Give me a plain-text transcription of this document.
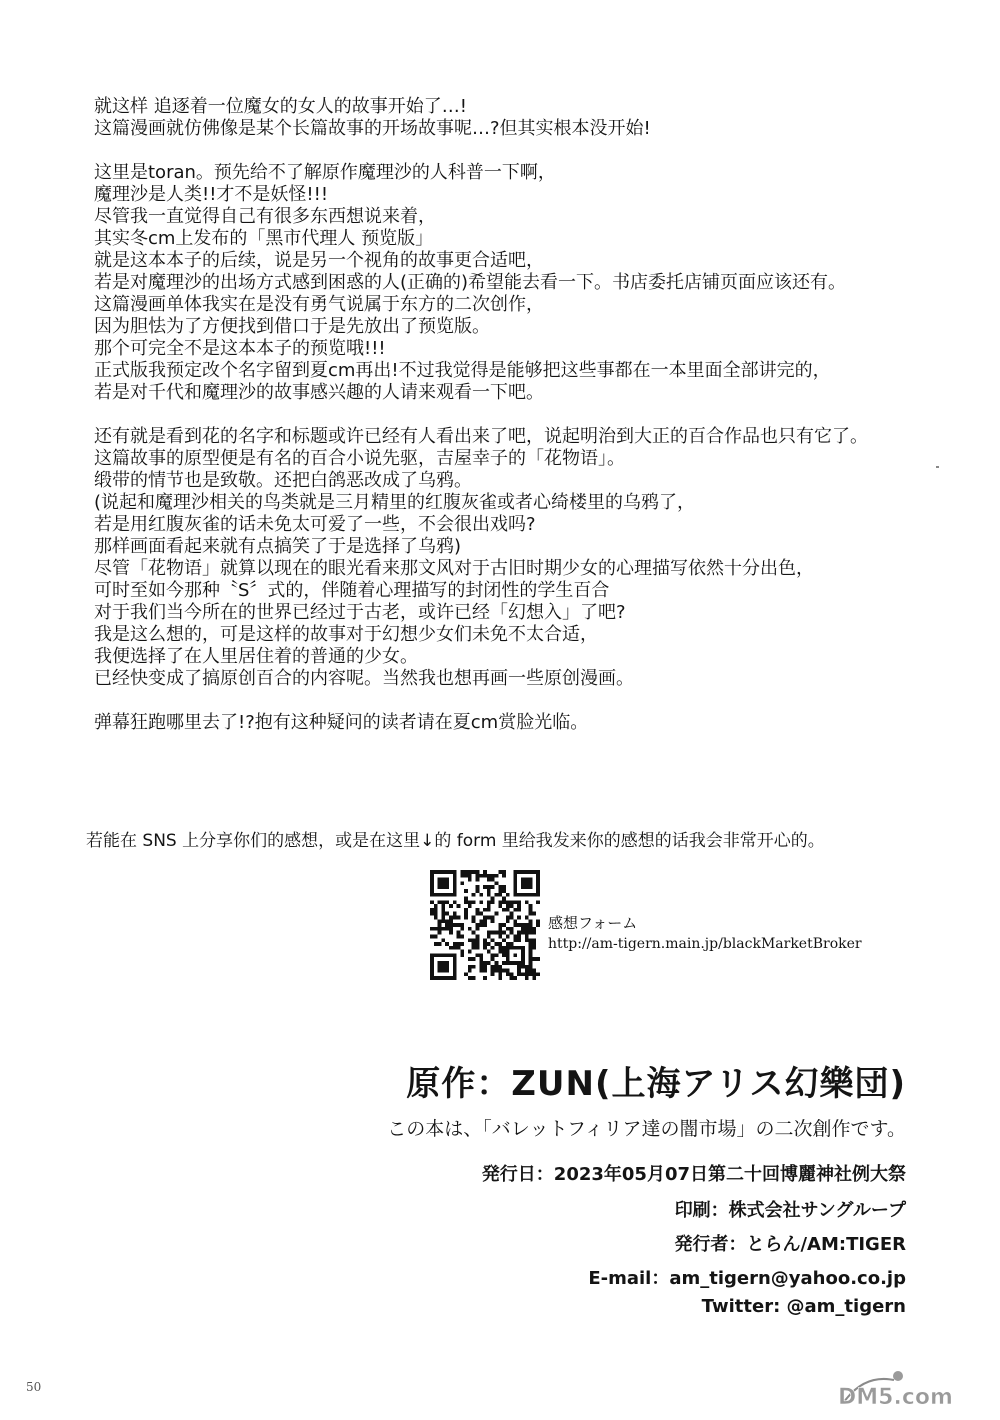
就这样 追逐着一位魔女的女人的故事开始了…!
这篇漫画就仿佛像是某个长篇故事的开场故事呢…?但其实根本没开始!
这里是toran。预先给不了解原作魔理沙的人科普一下啊，
魔理沙是人类!!才不是妖怪!!!
尽管我一直觉得自己有很多东西想说来着，
其实冬cm上发布的「黑市代理人 预览版」
就是这本本子的后续，说是另一个视角的故事更合适吧，
若是对魔理沙的出场方式感到困惑的人(正确的)希望能去看一下。书店委托店铺页面应该还有。
这篇漫画单体我实在是没有勇气说属于东方的二次创作，
因为胆怯为了方便找到借口于是先放出了预览版。
那个可完全不是这本本子的预览哦!!!
正式版我预定改个名字留到夏cm再出!不过我觉得是能够把这些事都在一本里面全部讲完的，
若是对千代和魔理沙的故事感兴趣的人请来观看一下吧。
还有就是看到花的名字和标题或许已经有人看出来了吧，说起明治到大正的百合作品也只有它了。
这篇故事的原型便是有名的百合小说先驱，吉屋幸子的「花物语」。
缎带的情节也是致敬。还把白鸽恶改成了乌鸦。
(说起和魔理沙相关的鸟类就是三月精里的红腹灰雀或者心绮楼里的乌鸦了，
若是用红腹灰雀的话未免太可爱了一些，不会很出戏吗?
那样画面看起来就有点搞笑了于是选择了乌鸦)
尽管「花物语」就算以现在的眼光看来那文风对于古旧时期少女的心理描写依然十分出色，
可时至如今那种〝S〞式的，伴随着心理描写的封闭性的学生百合
对于我们当今所在的世界已经过于古老，或许已经「幻想入」了吧?
我是这么想的，可是这样的故事对于幻想少女们未免不太合适，
我便选择了在人里居住着的普通的少女。
已经快变成了搞原创百合的内容呢。当然我也想再画一些原创漫画。
弹幕狂跑哪里去了!?抱有这种疑问的读者请在夏cm赏脸光临。
若能在 SNS 上分享你们的感想，或是在这里↓的 form 里给我发来你的感想的话我会非常开心的。
感想フォーム
http://am-tigern.main.jp/blackMarketBroker
原作：ZUN(上海アリス幻樂団)
この本は、「バレットフィリア達の闇市場」の二次創作です。
発行日：2023年05月07日第二十回博麗神社例大祭
印刷：株式会社サングループ
発行者：とらん/AM:TIGER
E-mail：am_tigern@yahoo.co.jp
Twitter: @am_tigern
50	DM5.com
